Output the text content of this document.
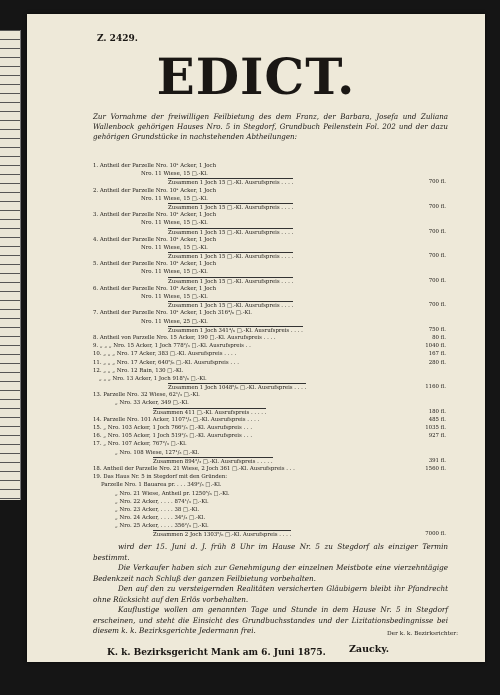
Z. 2429.
EDICT.
Zur Vornahme der freiwilligen Feilbietung des dem Franz, der Barbara, Josefa und Zuliana Wallenbock gehörigen Hauses Nro. 5 in Stegdorf, Grundbuch Peilenstein Fol. 202 und der dazu gehörigen Grundstücke in nachstehenden Abtheilungen:
1. Antheil der Parzelle Nro. 10ᵃ Acker, 1 Joch
Nro. 11 Wiese, 15 □.-Kl.
Zusammen 1 Joch 15 □.-Kl. Ausrufspreis . . . .	700 fl.
2. Antheil der Parzelle Nro. 10ᵃ Acker, 1 Joch
Nro. 11 Wiese, 15 □.-Kl.
Zusammen 1 Joch 15 □.-Kl. Ausrufspreis . . . .	700 fl.
3. Antheil der Parzelle Nro. 10ᵃ Acker, 1 Joch
Nro. 11 Wiese, 15 □.-Kl.
Zusammen 1 Joch 15 □.-Kl. Ausrufspreis . . . .	700 fl.
4. Antheil der Parzelle Nro. 10ᵃ Acker, 1 Joch
Nro. 11 Wiese, 15 □.-Kl.
Zusammen 1 Joch 15 □.-Kl. Ausrufspreis . . . .	700 fl.
5. Antheil der Parzelle Nro. 10ᵃ Acker, 1 Joch
Nro. 11 Wiese, 15 □.-Kl.
Zusammen 1 Joch 15 □.-Kl. Ausrufspreis . . . .	700 fl.
6. Antheil der Parzelle Nro. 10ᵃ Acker, 1 Joch
Nro. 11 Wiese, 15 □.-Kl.
Zusammen 1 Joch 15 □.-Kl. Ausrufspreis . . . .	700 fl.
7. Antheil der Parzelle Nro. 10ᵃ Acker, 1 Joch 316⁴/₆ □.-Kl.
Nro. 11 Wiese, 25 □.-Kl.
Zusammen 1 Joch 341⁴/₆ □.-Kl. Ausrufspreis . . . .	750 fl.
8. Antheil von Parzelle Nro. 15 Acker, 190 □.-Kl. Ausrufspreis . . . .	80 fl.
9. „ „ „ Nro. 15 Acker, 1 Joch 778²/₃ □.-Kl. Ausrufspreis . .	1040 fl.
10. „ „ „ Nro. 17 Acker, 383 □.-Kl. Ausrufspreis . . . .	167 fl.
11. „ „ „ Nro. 17 Acker, 640⁵/₆ □.-Kl. Ausrufspreis . . .	280 fl.
12. „ „ „ Nro. 12 Rain, 130 □.-Kl.
„ „ „ Nro. 13 Acker, 1 Joch 918⁵/₆ □.-Kl.
Zusammen 1 Joch 1048⁵/₆ □.-Kl. Ausrufspreis . . . .	1160 fl.
13. Parzelle Nro. 32 Wiese, 62¹/₃ □.-Kl.
„ Nro. 33 Acker, 349 □.-Kl.
Zusammen 411 □.-Kl. Ausrufspreis . . . . .	180 fl.
14. Parzelle Nro. 101 Acker, 1107¹/₃ □.-Kl. Ausrufspreis . . . .	485 fl.
15. „ Nro. 103 Acker, 1 Joch 766²/₃ □.-Kl. Ausrufspreis . . .	1035 fl.
16. „ Nro. 105 Acker, 1 Joch 519²/₃ □.-Kl. Ausrufspreis . . .	927 fl.
17. „ Nro. 107 Acker, 767²/₃ □.-Kl.
„ Nro. 108 Wiese, 127¹/₃ □.-Kl.
Zusammen 894²/₃ □.-Kl. Ausrufspreis . . . . .	391 fl.
18. Antheil der Parzelle Nro. 21 Wiese, 2 Joch 361 □.-Kl. Ausrufspreis . . .	1560 fl.
19. Das Haus Nr. 5 in Stegdorf mit den Gründen:
Parzelle Nro. 1 Bauarea pr. . . . 349²/₃ □.-Kl.
„ Nro. 21 Wiese, Antheil pr. 1250⁵/₆ □.-Kl.
„ Nro. 22 Acker, . . . . 874¹/₃ □.-Kl.
„ Nro. 23 Acker, . . . . 38 □.-Kl.
„ Nro. 24 Acker, . . . . 34²/₃ □.-Kl.
„ Nro. 25 Acker, . . . . 356²/₃ □.-Kl.
Zusammen 2 Joch 1303⁵/₆ □.-Kl. Ausrufspreis . . . .	7000 fl.

wird der 15. Juni d. J. früh 8 Uhr im Hause Nr. 5 zu Stegdorf als einziger Termin bestimmt.

Die Verkaufer haben sich zur Genehmigung der einzelnen Meistbote eine vierzehntägige Bedenkzeit nach Schluß der ganzen Feilbietung vorbehalten.

Den auf den zu versteigernden Realitäten versicherten Gläubigern bleibt ihr Pfandrecht ohne Rücksicht auf den Erlös vorbehalten.

Kauflustige wollen am genannten Tage und Stunde in dem Hause Nr. 5 in Stegdorf erscheinen, und steht die Einsicht des Grundbuchsstandes und der Lizitationsbedingnisse bei diesem k. k. Bezirksgerichte Jedermann frei.	Der k. k. Bezirksrichter:
K. k. Bezirksgericht Mank am 6. Juni 1875. Zaucky.
